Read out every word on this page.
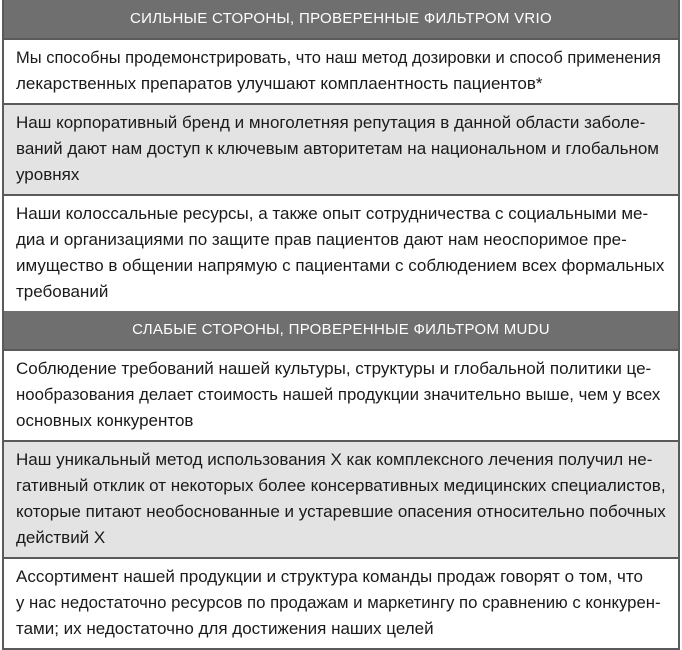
СИЛЬНЫЕ СТОРОНЫ, ПРОВЕРЕННЫЕ ФИЛЬТРОМ VRIO
Мы способны продемонстрировать, что наш метод дозировки и способ применения
лекарственных препаратов улучшают комплаентность пациентов*
Наш корпоративный бренд и многолетняя репутация в данной области заболе-
ваний дают нам доступ к ключевым авторитетам на национальном и глобальном
уровнях
Наши колоссальные ресурсы, а также опыт сотрудничества с социальными ме-
диа и организациями по защите прав пациентов дают нам неоспоримое пре-
имущество в общении напрямую с пациентами с соблюдением всех формальных
требований
СЛАБЫЕ СТОРОНЫ, ПРОВЕРЕННЫЕ ФИЛЬТРОМ MUDU
Соблюдение требований нашей культуры, структуры и глобальной политики це-
нообразования делает стоимость нашей продукции значительно выше, чем у всех
основных конкурентов
Наш уникальный метод использования Х как комплексного лечения получил не-
гативный отклик от некоторых более консервативных медицинских специалистов,
которые питают необоснованные и устаревшие опасения относительно побочных
действий Х
Ассортимент нашей продукции и структура команды продаж говорят о том, что
у нас недостаточно ресурсов по продажам и маркетингу по сравнению с конкурен-
тами; их недостаточно для достижения наших целей
